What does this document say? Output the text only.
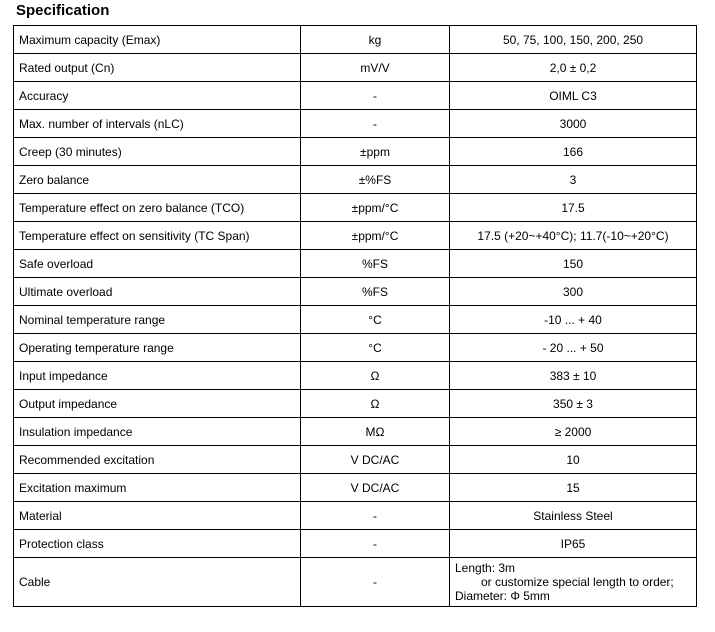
Specification
Maximum capacity (Emax)	kg	50, 75, 100, 150, 200, 250
Rated output (Cn)	mV/V	2,0 ± 0,2
Accuracy	-	OIML C3
Max. number of intervals (nLC)	-	3000
Creep (30 minutes)	±ppm	166
Zero balance	±%FS	3
Temperature effect on zero balance (TCO)	±ppm/°C	17.5
Temperature effect on sensitivity (TC Span)	±ppm/°C	17.5 (+20~+40°C); 11.7(-10~+20°C)
Safe overload	%FS	150
Ultimate overload	%FS	300
Nominal temperature range	°C	-10 ... + 40
Operating temperature range	°C	- 20 ... + 50
Input impedance	Ω	383 ± 10
Output impedance	Ω	350 ± 3
Insulation impedance	MΩ	≥ 2000
Recommended excitation	V DC/AC	10
Excitation maximum	V DC/AC	15
Material	-	Stainless Steel
Protection class	-	IP65
Cable	-	Length: 3m
or customize special length to order;
Diameter: Φ 5mm
